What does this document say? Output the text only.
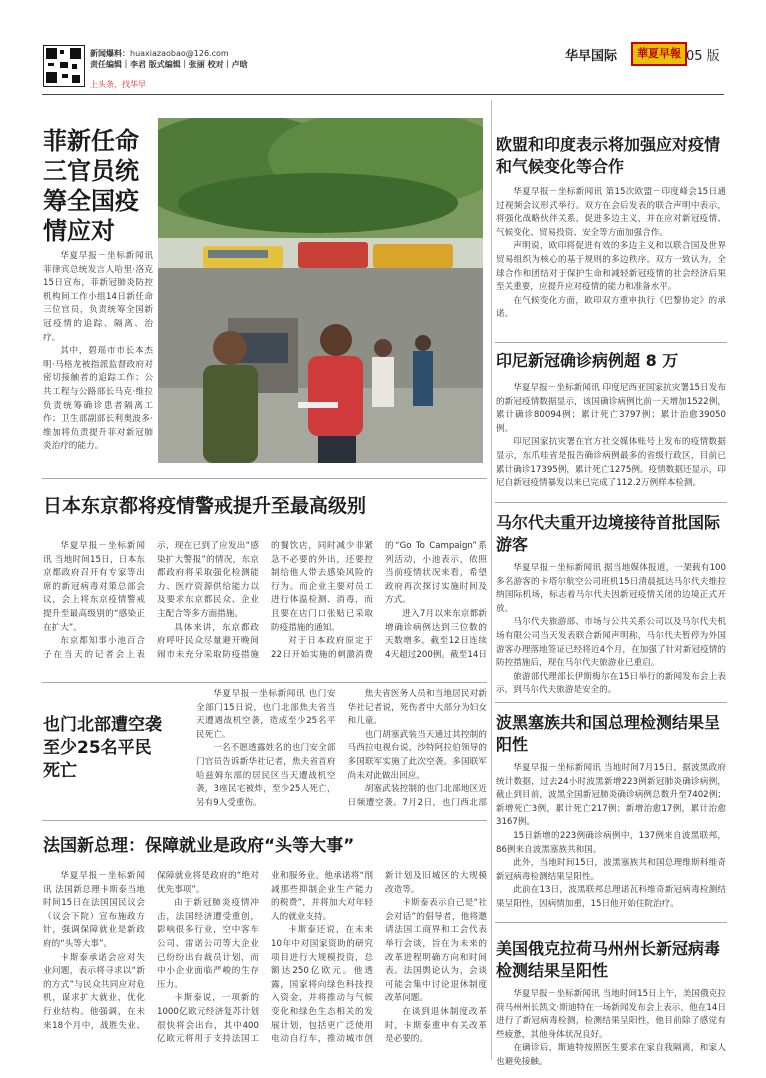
新闻爆料：huaxiazaobao@126.com
责任编辑｜李君 版式编辑｜张丽 校对｜卢晗
上头条，找华早
华早国际	華夏早報 05 版
菲新任命三官员统筹全国疫情应对

华夏早报－坐标新闻讯 菲律宾总统发言人哈里·洛克15日宣布，菲新冠肺炎防控机构间工作小组14日新任命三位官员，负责统筹全国新冠疫情的追踪、隔离、治疗。

其中，碧瑶市市长本杰明·马格龙被指派监督政府对密切接触者的追踪工作；公共工程与公路部长马克·维拉负责统筹确诊患者隔离工作；卫生部副部长利奥波多·维加将负责提升菲对新冠肺炎治疗的能力。

日本东京都将疫情警戒提升至最高级别

华夏早报－坐标新闻讯 当地时间15日，日本东京都政府召开有专家等出席的新冠病毒对策总部会议，会上将东京疫情警戒提升至最高级别的“感染正在扩大”。

东京都知事小池百合子在当天的记者会上表示，现在已到了应发出“感染扩大警报”的情况，东京都政府将采取强化检测能力、医疗资源供给能力以及要求东京都民众、企业主配合等多方面措施。

具体来讲，东京都政府呼吁民众尽量避开晚间闹市未充分采取防疫措施的餐饮店，同时减少非紧急不必要的外出，还要控制给他人带去感染风险的行为。而企业主要对员工进行体温检测、消毒，而且要在店门口张贴已采取防疫措施的通知。

对于日本政府原定于22日开始实施的刺激消费的“Go To Campaign”系列活动，小池表示，依照当前疫情状况来看，希望政府再次探讨实施时间及方式。

进入7月以来东京都新增确诊病例达到三位数的天数增多。截至12日连续4天超过200例。截至14日

也门北部遭空袭至少25名平民死亡

华夏早报－坐标新闻讯 也门安全部门15日说，也门北部焦夫省当天遭遇战机空袭，造成至少25名平民死亡。

一名不愿透露姓名的也门安全部门官员告诉新华社记者，焦夫省首府哈兹姆东部的居民区当天遭战机空袭，3座民宅被炸，至少25人死亡，另有9人受重伤。

焦夫省医务人员和当地居民对新华社记者说，死伤者中大部分为妇女和儿童。

也门胡塞武装当天通过其控制的马西拉电视台说，沙特阿拉伯领导的多国联军实施了此次空袭。多国联军尚未对此做出回应。

胡塞武装控制的也门北部地区近日频遭空袭。7月2日，也门西北部

法国新总理：保障就业是政府“头等大事”

华夏早报－坐标新闻讯 法国新总理卡斯泰当地时间15日在法国国民议会（议会下院）宣布施政方针，强调保障就业是新政府的“头等大事”。

卡斯泰承诺会应对失业问题，表示将寻求以“新的方式”与民众共同应对危机，谋求扩大就业，优化行业结构。他强调，在未来18个月中，战胜失业、保障就业将是政府的“绝对优先事项”。

由于新冠肺炎疫情冲击，法国经济遭受重创，影响很多行业，空中客车公司、雷诺公司等大企业已纷纷出台裁员计划，而中小企业面临严峻的生存压力。

卡斯泰说，一项新的1000亿欧元经济复苏计划很快将会出台，其中400亿欧元将用于支持法国工业和服务业。他承诺将“削减那些抑制企业生产能力的税费”，并将加大对年轻人的就业支持。

卡斯泰还说，在未来10年中对国家资助的研究项目进行大规模投资，总额达250亿欧元。他透露，国家将向绿色科技投入资金，并将推动与气候变化和绿色生态相关的发展计划，包括更广泛使用电动自行车，推动城市创新计划及旧城区的大规模改造等。

卡斯泰表示自己是“社会对话”的倡导者，他将邀请法国工商界和工会代表举行会谈，旨在为未来的改革进程明确方向和时间表。法国舆论认为，会谈可能会集中讨论退休制度改革问题。

在谈到退休制度改革时，卡斯泰重申有关改革是必要的。

欧盟和印度表示将加强应对疫情和气候变化等合作

华夏早报－坐标新闻讯 第15次欧盟－印度峰会15日通过视频会议形式举行。双方在会后发表的联合声明中表示，将强化战略伙伴关系，促进多边主义，并在应对新冠疫情、气候变化、贸易投资、安全等方面加强合作。

声明说，欧印将促进有效的多边主义和以联合国及世界贸易组织为核心的基于规则的多边秩序。双方一致认为，全球合作和团结对于保护生命和减轻新冠疫情的社会经济后果至关重要，应提升应对疫情的能力和准备水平。

在气候变化方面，欧印双方重申执行《巴黎协定》的承诺。

印尼新冠确诊病例超 8 万

华夏早报－坐标新闻讯 印度尼西亚国家抗灾署15日发布的新冠疫情数据显示，该国确诊病例比前一天增加1522例，累计确诊80094例；累计死亡3797例；累计治愈39050例。

印尼国家抗灾署在官方社交媒体账号上发布的疫情数据显示，东爪哇省是报告确诊病例最多的省级行政区，目前已累计确诊17395例，累计死亡1275例。疫情数据还显示，印尼自新冠疫情暴发以来已完成了112.2万例样本检测。

马尔代夫重开边境接待首批国际游客

华夏早报－坐标新闻讯 据当地媒体报道，一架载有100多名游客的卡塔尔航空公司班机15日清晨抵达马尔代夫维拉纳国际机场，标志着马尔代夫因新冠疫情关闭的边境正式开放。

马尔代夫旅游部、市场与公共关系公司以及马尔代夫机场有限公司当天发表联合新闻声明称，马尔代夫暂停为外国游客办理落地签证已经将近4个月，在加强了针对新冠疫情的防控措施后，现在马尔代夫旅游业已重启。

旅游部代理部长伊斯梅尔在15日举行的新闻发布会上表示，到马尔代夫旅游是安全的。

波黑塞族共和国总理检测结果呈阳性

华夏早报－坐标新闻讯 当地时间7月15日，据波黑政府统计数据，过去24小时波黑新增223例新冠肺炎确诊病例，截止到目前，波黑全国新冠肺炎确诊病例总数升至7402例；新增死亡3例，累计死亡217例；新增治愈17例，累计治愈3167例。

15日新增的223例确诊病例中，137例来自波黑联邦，86例来自波黑塞族共和国。

此外，当地时间15日，波黑塞族共和国总理维斯科维奇新冠病毒检测结果呈阳性。

此前在13日，波黑联邦总理诺瓦科维奇新冠病毒检测结果呈阳性，因病情加重，15日他开始住院治疗。

美国俄克拉荷马州州长新冠病毒检测结果呈阳性

华夏早报－坐标新闻讯 当地时间15日上午，美国俄克拉荷马州州长凯文·斯迪特在一场新闻发布会上表示，他在14日进行了新冠病毒检测，检测结果呈阳性，他目前除了感觉有些疲惫，其他身体状况良好。

在确诊后，斯迪特按照医生要求在家自我隔离，和家人也避免接触。
